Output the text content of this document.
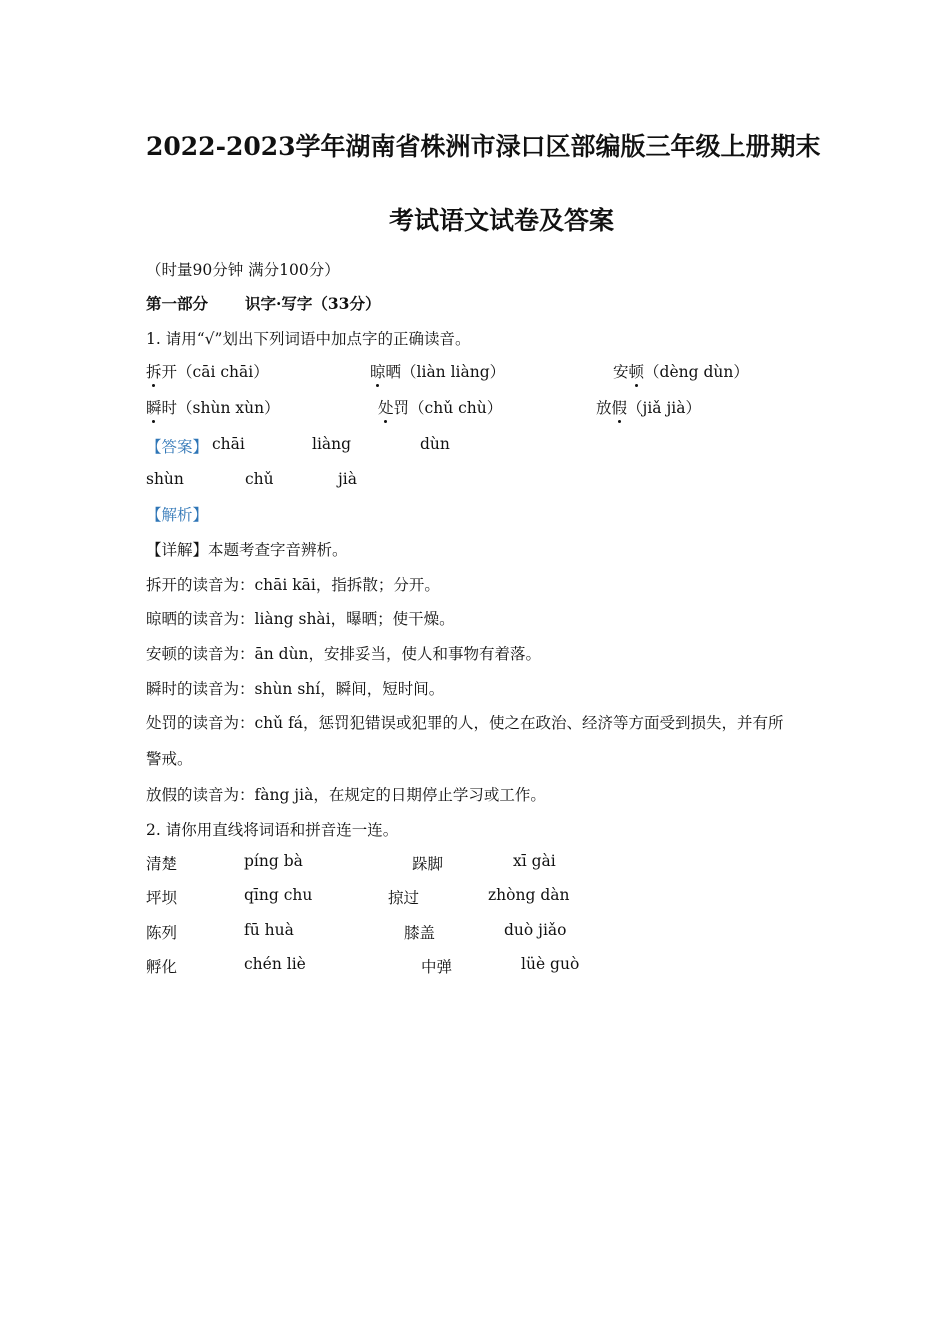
2022-2023学年湖南省株洲市渌口区部编版三年级上册期末
考试语文试卷及答案
（时量90分钟 满分100分）
第一部分 识字·写字（33分）
1. 请用“√”划出下列词语中加点字的正确读音。
拆开（cāi chāi）	晾晒（liàn liàng）	安顿（dèng dùn）
瞬时（shùn xùn）	处罚（chǔ chù）	放假（jiǎ jià）
【答案】 chāi	liàng	dùn
shùn	chǔ	jià
【解析】
【详解】本题考查字音辨析。
拆开的读音为：chāi kāi，指拆散；分开。
晾晒的读音为：liàng shài，曝晒；使干燥。
安顿的读音为：ān dùn，安排妥当，使人和事物有着落。
瞬时的读音为：shùn shí，瞬间，短时间。
处罚的读音为：chǔ fá，惩罚犯错误或犯罪的人，使之在政治、经济等方面受到损失，并有所
警戒。
放假的读音为：fàng jià，在规定的日期停止学习或工作。
2. 请你用直线将词语和拼音连一连。
清楚	píng bà	跺脚	xī gài
坪坝	qīng chu	掠过	zhòng dàn
陈列	fū huà	膝盖	duò jiǎo
孵化	chén liè	中弹	lüè guò
